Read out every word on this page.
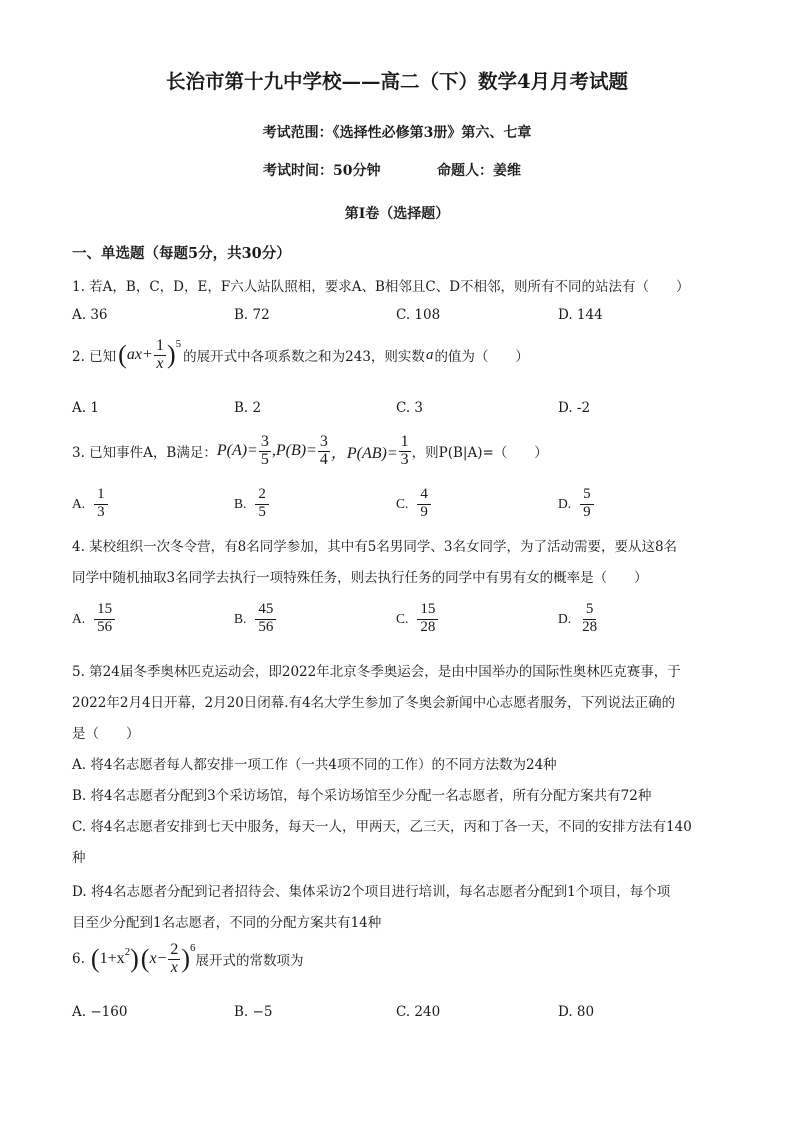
长治市第十九中学校——高二（下）数学4月月考试题
考试范围：《选择性必修第3册》第六、七章
考试时间：50分钟	命题人：姜维
第Ⅰ卷（选择题）
一、单选题（每题5分，共30分）
1. 若A，B，C，D，E，F六人站队照相，要求A、B相邻且C、D不相邻，则所有不同的站法有（　　）
A. 36	B. 72	C. 108	D. 144
2. 已知 ( ax + $\frac{1}{x} )^5$
的展开式中各项系数之和为243，则实数 a 的值为（　　）
A. 1	B. 2	C. 3	D. -2
3. 已知事件A，B满足： $P(A)= \frac{3}{5} ,P(B)= \frac{3}{4}$ ，$P(AB)= \frac{1}{3}$ ，则P(B|A)=（　　）
A. $\frac{1}{3}$	B. $\frac{2}{5}$	C. $\frac{4}{9}$	D. $\frac{5}{9}$
4. 某校组织一次冬令营，有8名同学参加，其中有5名男同学、3名女同学，为了活动需要，要从这8名
同学中随机抽取3名同学去执行一项特殊任务，则去执行任务的同学中有男有女的概率是（　　）
A. $\frac{15}{56}$	B. $\frac{45}{56}$	C. $\frac{15}{28}$	D. $\frac{5}{28}$
5. 第24届冬季奥林匹克运动会，即2022年北京冬季奥运会，是由中国举办的国际性奥林匹克赛事，于
2022年2月4日开幕，2月20日闭幕.有4名大学生参加了冬奥会新闻中心志愿者服务，下列说法正确的
是（　　）
A. 将4名志愿者每人都安排一项工作（一共4项不同的工作）的不同方法数为24种
B. 将4名志愿者分配到3个采访场馆，每个采访场馆至少分配一名志愿者，所有分配方案共有72种
C. 将4名志愿者安排到七天中服务，每天一人，甲两天，乙三天，丙和丁各一天，不同的安排方法有140
种
D. 将4名志愿者分配到记者招待会、集体采访2个项目进行培训，每名志愿者分配到1个项目，每个项
目至少分配到1名志愿者，不同的分配方案共有14种
6. ( $1+x^2$ ) ( $x- \frac{2}{x} )^6$
展开式的常数项为
A. −160	B. −5	C. 240	D. 80
